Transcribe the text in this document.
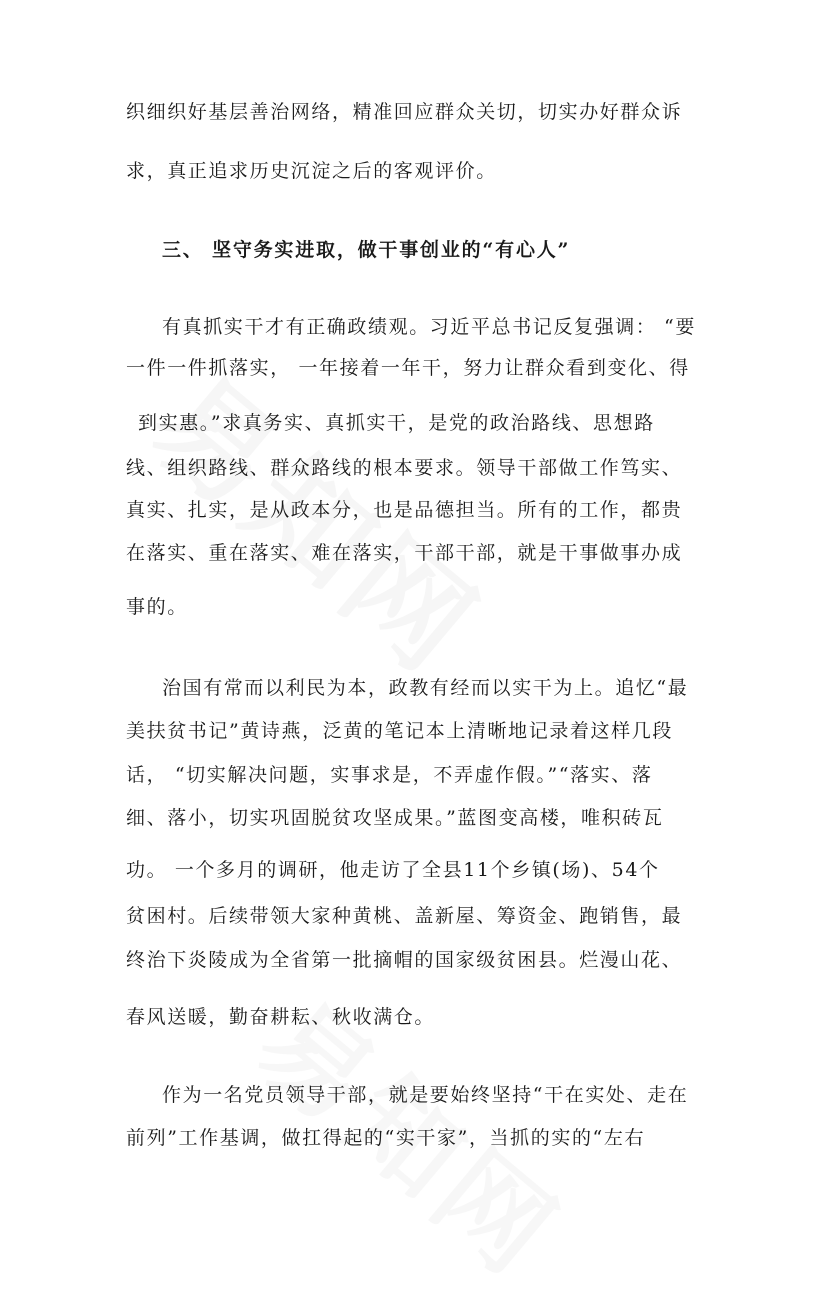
织细织好基层善治网络，精准回应群众关切，切实办好群众诉
求，真正追求历史沉淀之后的客观评价。
三、 坚守务实进取，做干事创业的“有心人”
有真抓实干才有正确政绩观。习近平总书记反复强调： “要
一件一件抓落实， 一年接着一年干，努力让群众看到变化、得
到实惠。”求真务实、真抓实干，是党的政治路线、思想路
线、组织路线、群众路线的根本要求。领导干部做工作笃实、
真实、扎实，是从政本分，也是品德担当。所有的工作，都贵
在落实、重在落实、难在落实，干部干部，就是干事做事办成
事的。
治国有常而以利民为本，政教有经而以实干为上。追忆“最
美扶贫书记”黄诗燕，泛黄的笔记本上清晰地记录着这样几段
话， “切实解决问题，实事求是，不弄虚作假。”“落实、落
细、落小，切实巩固脱贫攻坚成果。”蓝图变高楼，唯积砖瓦
功。 一个多月的调研，他走访了全县11个乡镇(场)、54个
贫困村。后续带领大家种黄桃、盖新屋、筹资金、跑销售，最
终治下炎陵成为全省第一批摘帽的国家级贫困县。烂漫山花、
春风送暖，勤奋耕耘、秋收满仓。
作为一名党员领导干部，就是要始终坚持“干在实处、走在
前列”工作基调，做扛得起的“实干家”，当抓的实的“左右
